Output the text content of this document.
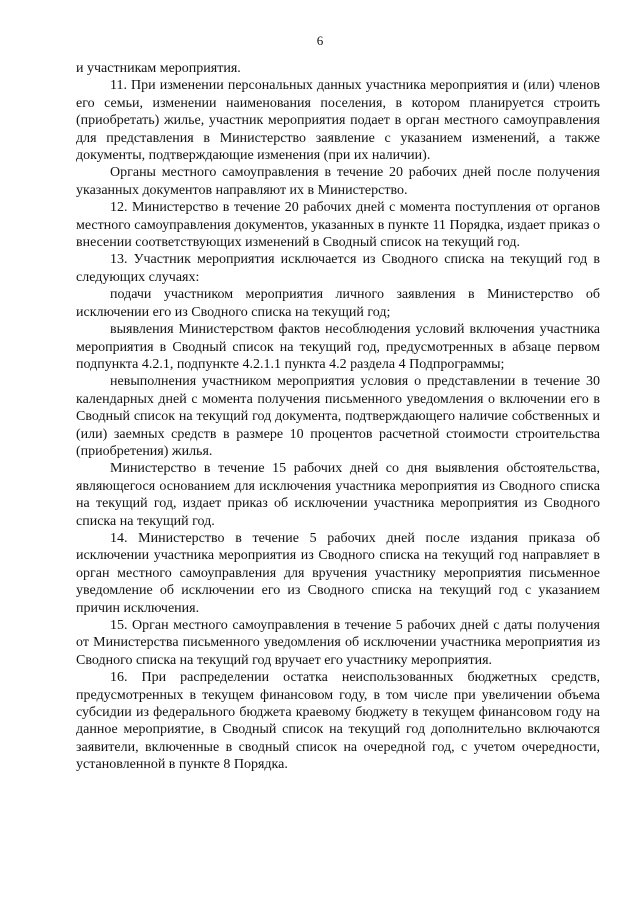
6

и участникам мероприятия.

11. При изменении персональных данных участника мероприятия и (или) членов его семьи, изменении наименования поселения, в котором планируется строить (приобретать) жилье, участник мероприятия подает в орган местного самоуправления для представления в Министерство заявление с указанием изменений, а также документы, подтверждающие изменения (при их наличии).

Органы местного самоуправления в течение 20 рабочих дней после получения указанных документов направляют их в Министерство.

12. Министерство в течение 20 рабочих дней с момента поступления от органов местного самоуправления документов, указанных в пункте 11 Порядка, издает приказ о внесении соответствующих изменений в Сводный список на текущий год.

13. Участник мероприятия исключается из Сводного списка на текущий год в следующих случаях:

подачи участником мероприятия личного заявления в Министерство об исключении его из Сводного списка на текущий год;

выявления Министерством фактов несоблюдения условий включения участника мероприятия в Сводный список на текущий год, предусмотренных в абзаце первом подпункта 4.2.1, подпункте 4.2.1.1 пункта 4.2 раздела 4 Подпрограммы;

невыполнения участником мероприятия условия о представлении в течение 30 календарных дней с момента получения письменного уведомления о включении его в Сводный список на текущий год документа, подтверждающего наличие собственных и (или) заемных средств в размере 10 процентов расчетной стоимости строительства (приобретения) жилья.

Министерство в течение 15 рабочих дней со дня выявления обстоятельства, являющегося основанием для исключения участника мероприятия из Сводного списка на текущий год, издает приказ об исключении участника мероприятия из Сводного списка на текущий год.

14. Министерство в течение 5 рабочих дней после издания приказа об исключении участника мероприятия из Сводного списка на текущий год направляет в орган местного самоуправления для вручения участнику мероприятия письменное уведомление об исключении его из Сводного списка на текущий год с указанием причин исключения.

15. Орган местного самоуправления в течение 5 рабочих дней с даты получения от Министерства письменного уведомления об исключении участника мероприятия из Сводного списка на текущий год вручает его участнику мероприятия.

16. При распределении остатка неиспользованных бюджетных средств, предусмотренных в текущем финансовом году, в том числе при увеличении объема субсидии из федерального бюджета краевому бюджету в текущем финансовом году на данное мероприятие, в Сводный список на текущий год дополнительно включаются заявители, включенные в сводный список на очередной год, с учетом очередности, установленной в пункте 8 Порядка.
